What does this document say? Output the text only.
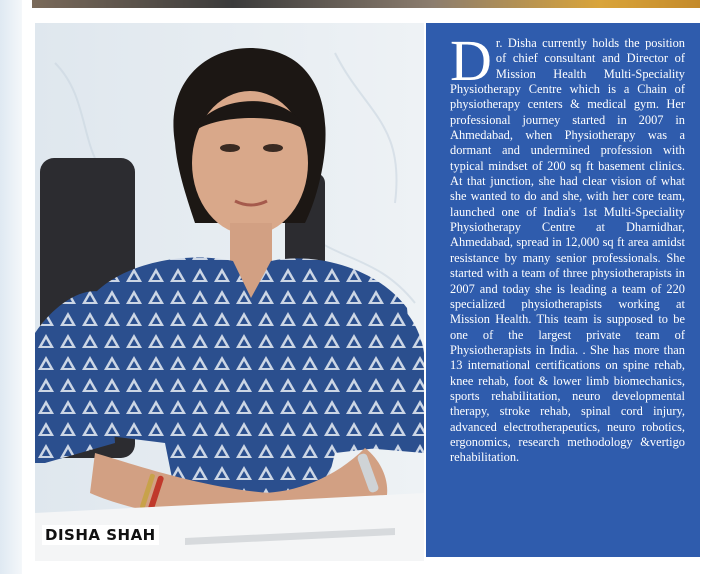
DISHA SHAH

Dr. Disha currently holds the position of chief consultant and Director of Mission Health Multi-Speciality Physiotherapy Centre which is a Chain of physiotherapy centers & medical gym. Her professional journey started in 2007 in Ahmedabad, when Physiotherapy was a dormant and undermined profession with typical mindset of 200 sq ft basement clinics. At that junction, she had clear vision of what she wanted to do and she, with her core team, launched one of India's 1st Multi-Speciality Physiotherapy Centre at Dharnidhar, Ahmedabad, spread in 12,000 sq ft area amidst resistance by many senior professionals. She started with a team of three physiotherapists in 2007 and today she is leading a team of 220 specialized physiotherapists working at Mission Health. This team is supposed to be one of the largest private team of Physiotherapists in India. . She has more than 13 international certifications on spine rehab, knee rehab, foot & lower limb biomechanics, sports rehabilitation, neuro developmental therapy, stroke rehab, spinal cord injury, advanced electrotherapeutics, neuro robotics, ergonomics, research methodology &vertigo rehabilitation.
